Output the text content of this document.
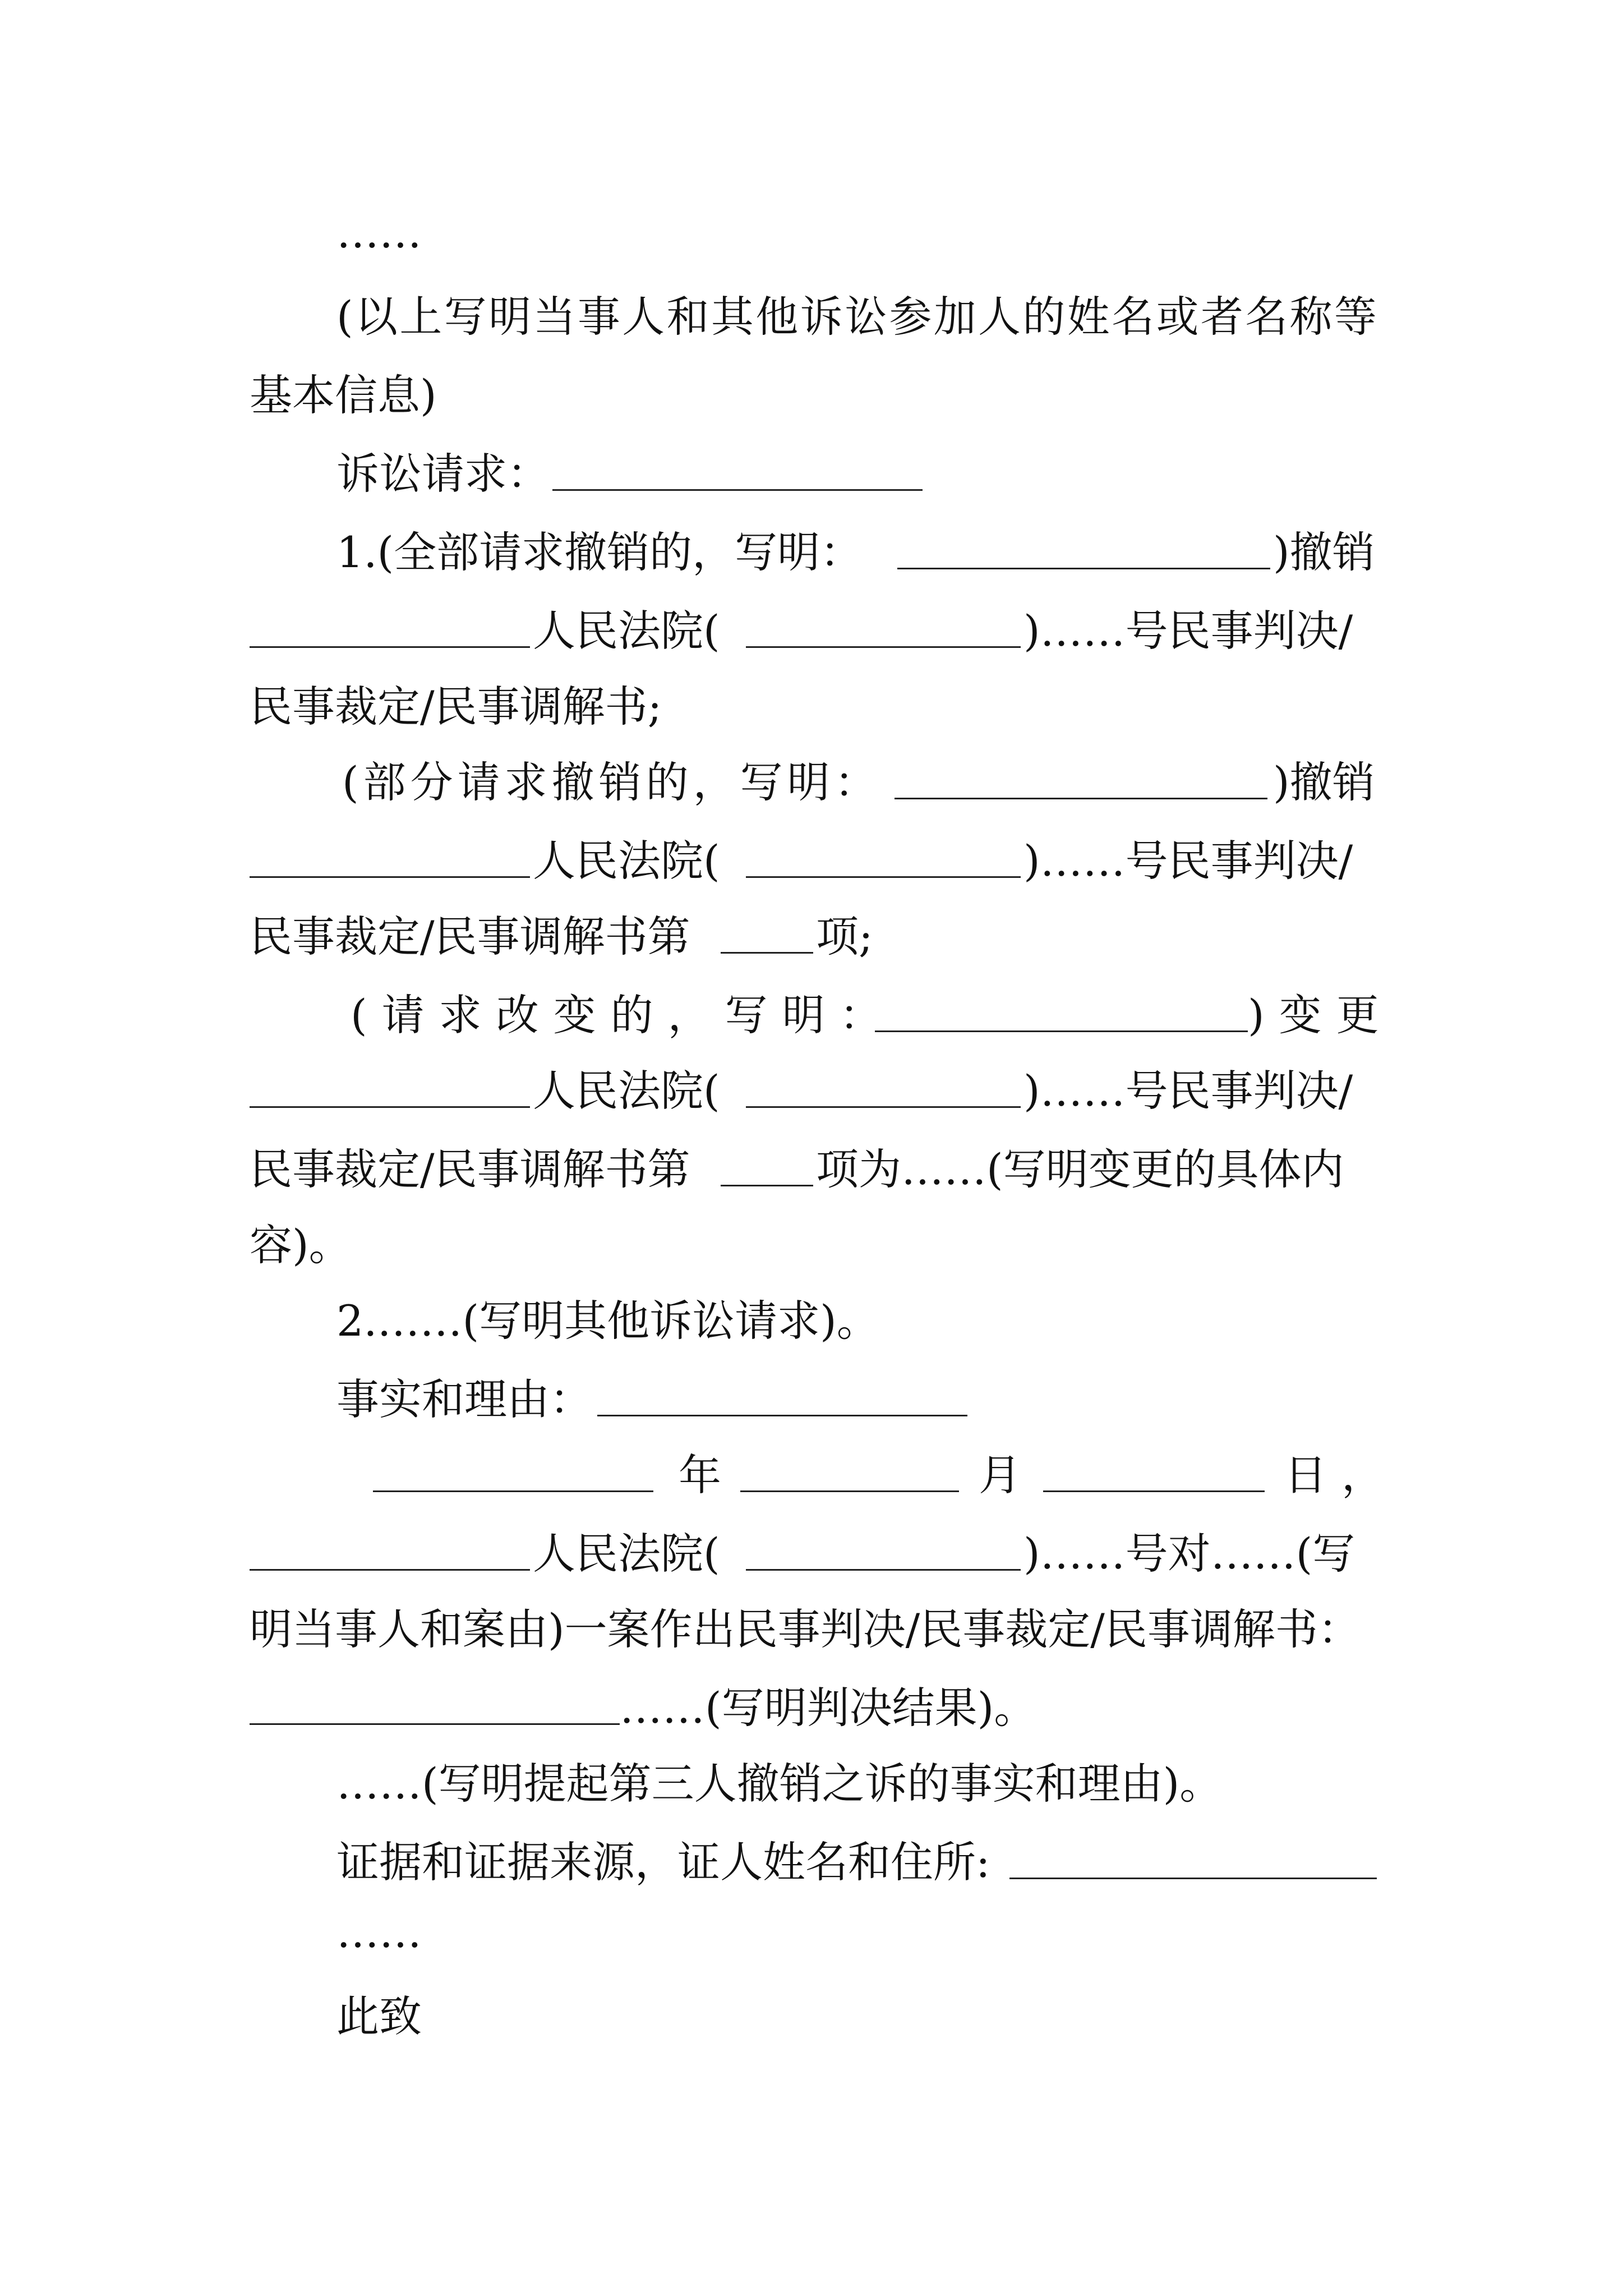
……
( 以 上 写 明 当 事 人 和 其 他 诉 讼 参 加 人 的 姓 名 或 者 名 称 等
基本信息)
诉讼请求：
1.(全部请求撤销的，写明：	)撤销
人民法院(	)……号民事判决/
民事裁定/民事调解书;
(部分请求撤销的，写明：	)撤销
人民法院(	)……号民事判决/
民事裁定/民事调解书第	项;
(请求改变的，写明：	)变更
人民法院(	)……号民事判决/
民事裁定/民事调解书第	项为……(写明变更的具体内
容)。
2.……(写明其他诉讼请求)。
事实和理由：
年	月	日，
人民法院(	)……号对……(写
明当事人和案由)一案作出民事判决/民事裁定/民事调解书：
……(写明判决结果)。
……(写明提起第三人撤销之诉的事实和理由)。
证据和证据来源，证人姓名和住所:
……
此致
